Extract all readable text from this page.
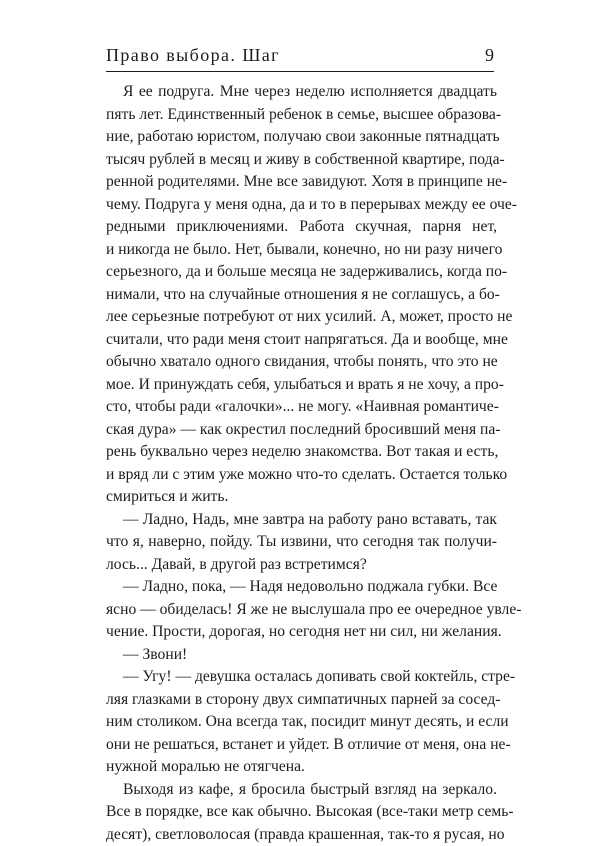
Право выбора. Шаг	9
Я ее подруга. Мне через неделю исполняется двадцать
пять лет. Единственный ребенок в семье, высшее образова-
ние, работаю юристом, получаю свои законные пятнадцать
тысяч рублей в месяц и живу в собственной квартире, пода-
ренной родителями. Мне все завидуют. Хотя в принципе не-
чему. Подруга у меня одна, да и то в перерывах между ее оче-
редными приключениями. Работа скучная, парня нет,
и никогда не было. Нет, бывали, конечно, но ни разу ничего
серьезного, да и больше месяца не задерживались, когда по-
нимали, что на случайные отношения я не соглашусь, а бо-
лее серьезные потребуют от них усилий. А, может, просто не
считали, что ради меня стоит напрягаться. Да и вообще, мне
обычно хватало одного свидания, чтобы понять, что это не
мое. И принуждать себя, улыбаться и врать я не хочу, а про-
сто, чтобы ради «галочки»... не могу. «Наивная романтиче-
ская дура» — как окрестил последний бросивший меня па-
рень буквально через неделю знакомства. Вот такая и есть,
и вряд ли с этим уже можно что-то сделать. Остается только
смириться и жить.
— Ладно, Надь, мне завтра на работу рано вставать, так
что я, наверно, пойду. Ты извини, что сегодня так получи-
лось... Давай, в другой раз встретимся?
— Ладно, пока, — Надя недовольно поджала губки. Все
ясно — обиделась! Я же не выслушала про ее очередное увле-
чение. Прости, дорогая, но сегодня нет ни сил, ни желания.
— Звони!
— Угу! — девушка осталась допивать свой коктейль, стре-
ляя глазками в сторону двух симпатичных парней за сосед-
ним столиком. Она всегда так, посидит минут десять, и если
они не решаться, встанет и уйдет. В отличие от меня, она не-
нужной моралью не отягчена.
Выходя из кафе, я бросила быстрый взгляд на зеркало.
Все в порядке, все как обычно. Высокая (все-таки метр семь-
десят), светловолосая (правда крашенная, так-то я русая, но
